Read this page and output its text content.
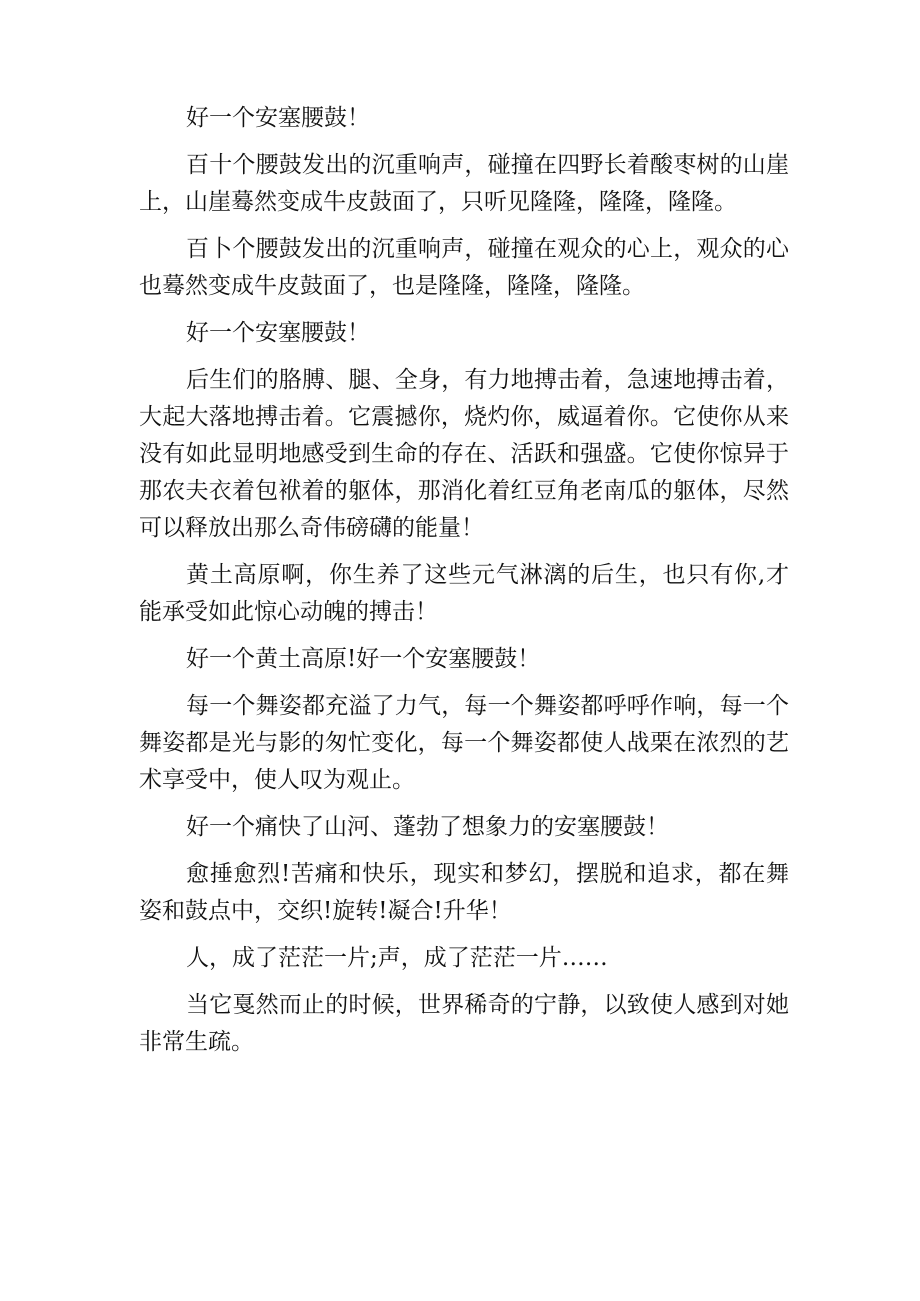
好一个安塞腰鼓！

百十个腰鼓发出的沉重响声，碰撞在四野长着酸枣树的山崖上，山崖蓦然变成牛皮鼓面了，只听见隆隆，隆隆，隆隆。

百卜个腰鼓发出的沉重响声，碰撞在观众的心上，观众的心也蓦然变成牛皮鼓面了，也是隆隆，隆隆，隆隆。

好一个安塞腰鼓！

后生们的胳膊、腿、全身，有力地搏击着，急速地搏击着，大起大落地搏击着。它震撼你，烧灼你，威逼着你。它使你从来没有如此显明地感受到生命的存在、活跃和强盛。它使你惊异于那农夫衣着包袱着的躯体，那消化着红豆角老南瓜的躯体，尽然可以释放出那么奇伟磅礴的能量！

黄土高原啊，你生养了这些元气淋漓的后生，也只有你,才能承受如此惊心动魄的搏击！

好一个黄土高原!好一个安塞腰鼓！

每一个舞姿都充溢了力气，每一个舞姿都呼呼作响，每一个舞姿都是光与影的匆忙变化，每一个舞姿都使人战栗在浓烈的艺术享受中，使人叹为观止。

好一个痛快了山河、蓬勃了想象力的安塞腰鼓！

愈捶愈烈!苦痛和快乐，现实和梦幻，摆脱和追求，都在舞姿和鼓点中，交织!旋转!凝合!升华！

人，成了茫茫一片;声，成了茫茫一片……

当它戛然而止的时候，世界稀奇的宁静，以致使人感到对她非常生疏。
